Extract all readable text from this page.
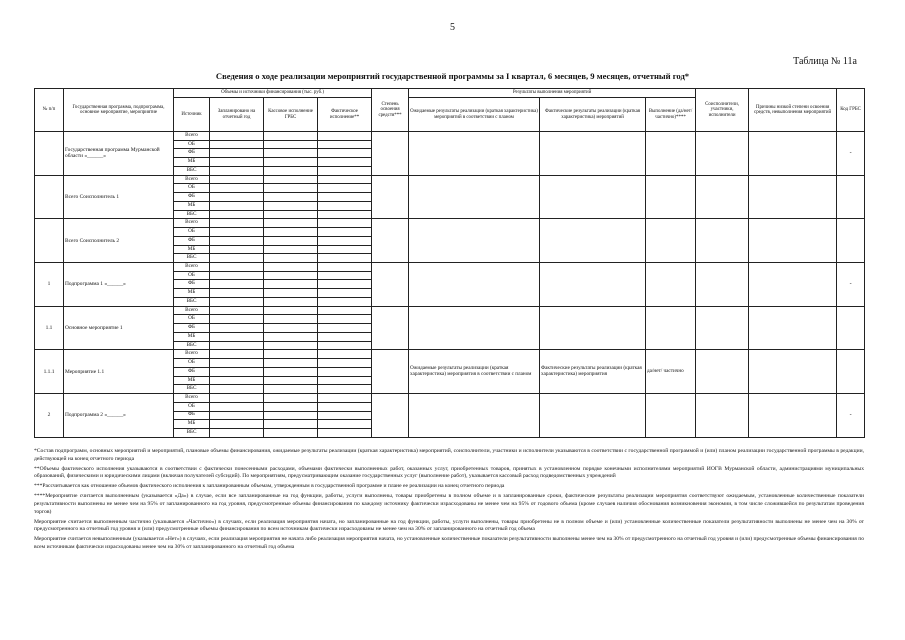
5
Таблица № 11а
Сведения о ходе реализации мероприятий государственной программы за I квартал, 6 месяцев, 9 месяцев, отчетный год*
№ п/п	Государственная программа, подпрограмма, основное мероприятие, мероприятие	Объемы и источники финансирования (тыс. руб.)				Степень освоения средств***	Результаты выполнения мероприятий			Соисполнители, участники, исполнители	Причины низкой степени освоения средств, невыполнения мероприятий	Код ГРБС
		Источник	Запланировано на отчетный год	Кассовое исполнение ГРБС	Фактическое исполнение**		Ожидаемые результаты реализации (краткая характеристика) мероприятий в соответствии с планом	Фактические результаты реализации (краткая характеристика) мероприятий	Выполнение (да/нет/частично)****			
	Государственная программа Мурманской области «______»	Всего										-
		ОБ										
		ФБ										
		МБ										
		ВБС										
	Всего Соисполнитель 1	Всего										
		ОБ										
		ФБ										
		МБ										
		ВБС										
	Всего Соисполнитель 2	Всего										
		ОБ										
		ФБ										
		МБ										
		ВБС										
1	Подпрограмма 1 «______»	Всего										-
		ОБ										
		ФБ										
		МБ										
		ВБС										
1.1	Основное мероприятие 1	Всего										
		ОБ										
		ФБ										
		МБ										
		ВБС										
1.1.1	Мероприятие 1.1	Всего					Ожидаемые результаты реализации (краткая характеристика) мероприятия в соответствии с планом	Фактические результаты реализации (краткая характеристика) мероприятия	да/нет/ частично			
		ОБ										
		ФБ										
		МБ										
		ВБС										
2	Подпрограмма 2 «______»	Всего										-
		ОБ										
		ФБ										
		МБ										
		ВБС										

*Состав подпрограмм, основных мероприятий и мероприятий, плановые объемы финансирования, ожидаемые результаты реализации (краткая характеристика) мероприятий, соисполнители, участники и исполнители указываются в соответствии с государственной программой и (или) планом реализации государственной программы в редакции, действующей на конец отчетного периода

**Объемы фактического исполнения указываются в соответствии с фактически понесенными расходами, объемами фактически выполненных работ, оказанных услуг, приобретенных товаров, принятых в установленном порядке конечными исполнителями мероприятий ИОГВ Мурманской области, администрациями муниципальных образований, физическими и юридическими лицами (включая получателей субсидий). По мероприятиям, предусматривающим оказание государственных услуг (выполнение работ), указывается кассовый расход подведомственных учреждений

***Рассчитывается как отношение объемов фактического исполнения к запланированным объемам, утвержденным в государственной программе и плане ее реализации на конец отчетного периода

****Мероприятие считается выполненным (указывается «Да») в случае, если все запланированные на год функции, работы, услуги выполнены, товары приобретены в полном объеме и в запланированные сроки, фактические результаты реализации мероприятия соответствуют ожидаемым, установленные количественные показатели результативности выполнены не менее чем на 95% от запланированного на год уровня, предусмотренные объемы финансирования по каждому источнику фактически израсходованы не менее чем на 95% от годового объема (кроме случаев наличия обоснования возникновения экономии, в том числе сложившейся по результатам проведения торгов)

Мероприятие считается выполненным частично (указывается «Частично») в случаях, если реализация мероприятия начата, но запланированные на год функции, работы, услуги выполнены, товары приобретены не в полном объеме и (или) установленные количественные показатели результативности выполнены не менее чем на 30% от предусмотренного на отчетный год уровня и (или) предусмотренные объемы финансирования по всем источникам фактически израсходованы не менее чем на 30% от запланированного на отчетный год объема

Мероприятие считается невыполненным (указывается «Нет») в случаях, если реализация мероприятия не начата либо реализация мероприятия начата, но установленные количественные показатели результативности выполнены менее чем на 30% от предусмотренного на отчетный год уровня и (или) предусмотренные объемы финансирования по всем источникам фактически израсходованы менее чем на 30% от запланированного на отчетный год объема
